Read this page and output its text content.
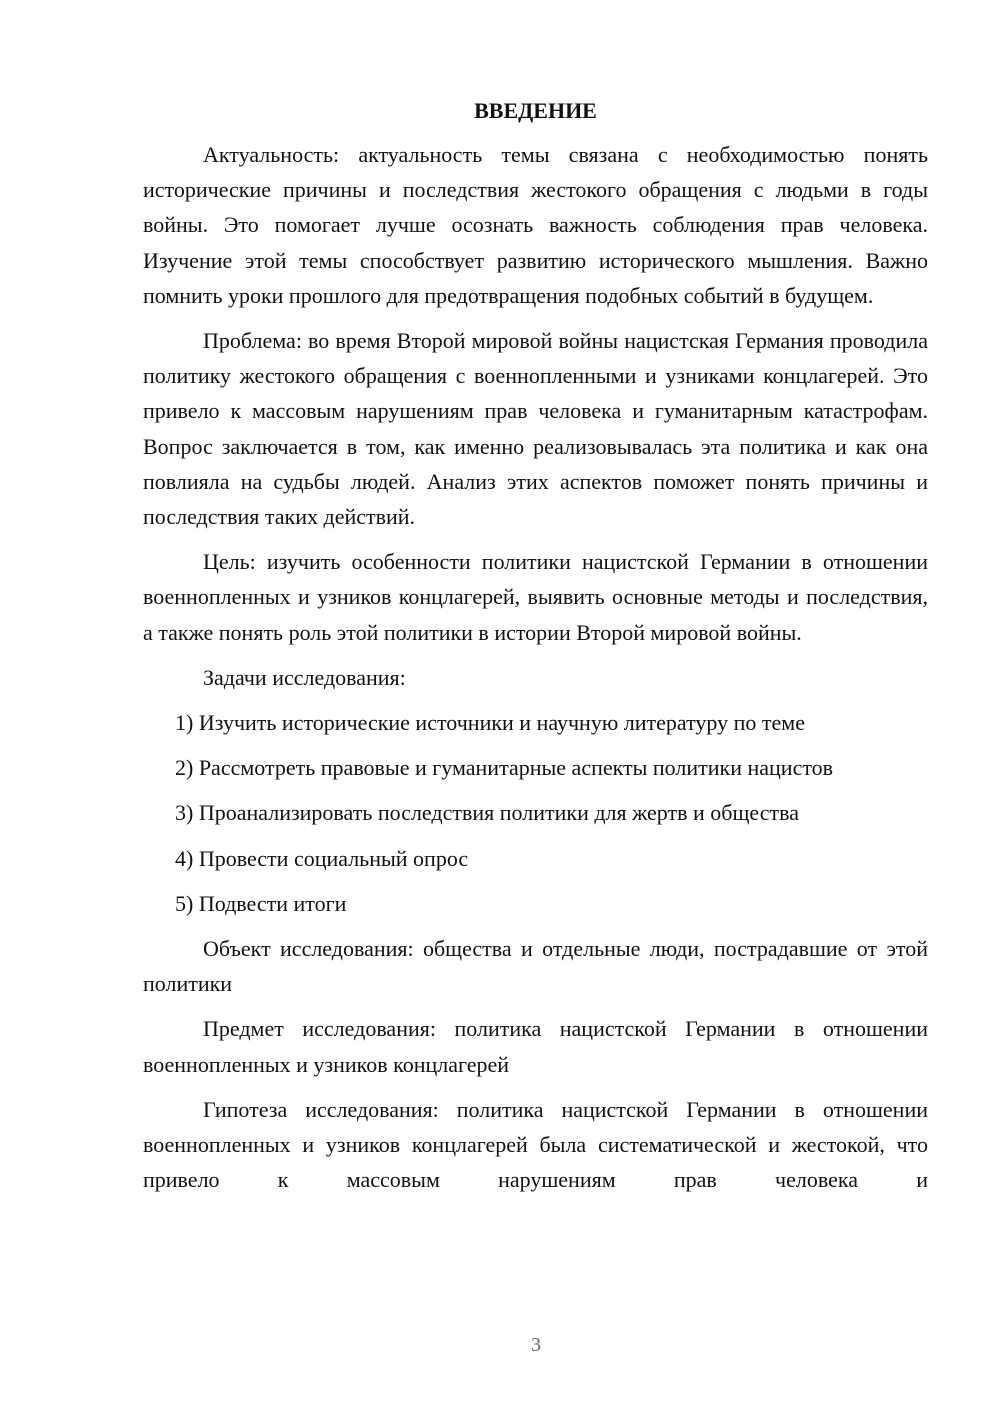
ВВЕДЕНИЕ

Актуальность: актуальность темы связана с необходимостью понять исторические причины и последствия жестокого обращения с людьми в годы войны. Это помогает лучше осознать важность соблюдения прав человека. Изучение этой темы способствует развитию исторического мышления. Важно помнить уроки прошлого для предотвращения подобных событий в будущем.

Проблема: во время Второй мировой войны нацистская Германия проводила политику жестокого обращения с военнопленными и узниками концлагерей. Это привело к массовым нарушениям прав человека и гуманитарным катастрофам. Вопрос заключается в том, как именно реализовывалась эта политика и как она повлияла на судьбы людей. Анализ этих аспектов поможет понять причины и последствия таких действий.

Цель: изучить особенности политики нацистской Германии в отношении военнопленных и узников концлагерей, выявить основные методы и последствия, а также понять роль этой политики в истории Второй мировой войны.

Задачи исследования:

1) Изучить исторические источники и научную литературу по теме
2) Рассмотреть правовые и гуманитарные аспекты политики нацистов
3) Проанализировать последствия политики для жертв и общества
4) Провести социальный опрос
5) Подвести итоги

Объект исследования: общества и отдельные люди, пострадавшие от этой политики

Предмет исследования: политика нацистской Германии в отношении военнопленных и узников концлагерей

Гипотеза исследования: политика нацистской Германии в отношении военнопленных и узников концлагерей была систематической и жестокой, что привело к массовым нарушениям прав человека и

3
